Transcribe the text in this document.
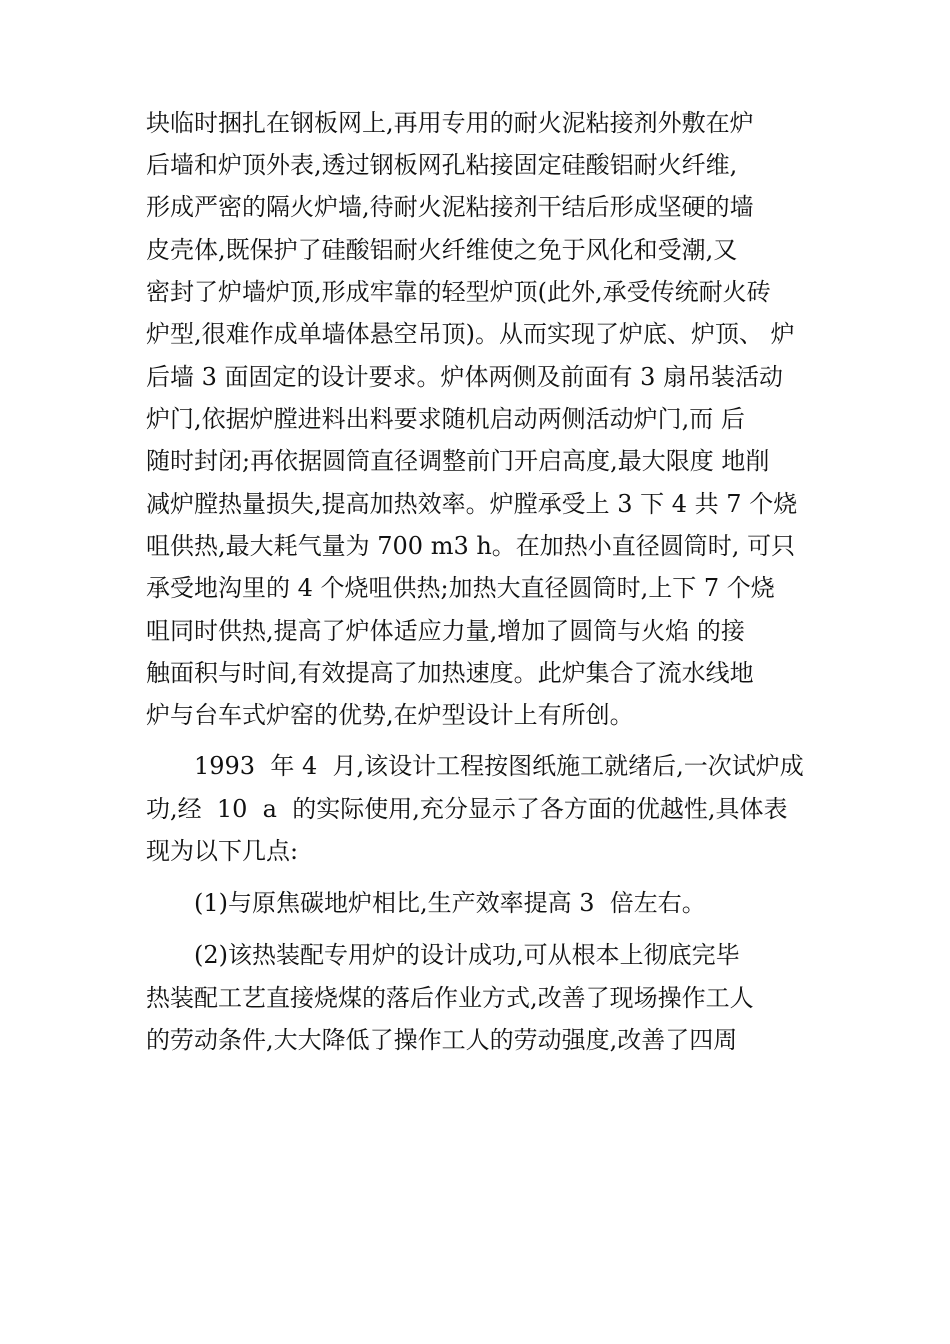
块临时捆扎在钢板网上,再用专用的耐火泥粘接剂外敷在炉
后墙和炉顶外表,透过钢板网孔粘接固定硅酸铝耐火纤维,
形成严密的隔火炉墙,待耐火泥粘接剂干结后形成坚硬的墙
皮壳体,既保护了硅酸铝耐火纤维使之免于风化和受潮,又
密封了炉墙炉顶,形成牢靠的轻型炉顶(此外,承受传统耐火砖
炉型,很难作成单墙体悬空吊顶)。从而实现了炉底、炉顶、 炉
后墙 3 面固定的设计要求。炉体两侧及前面有 3 扇吊装活动
炉门,依据炉膛进料出料要求随机启动两侧活动炉门,而 后
随时封闭;再依据圆筒直径调整前门开启高度,最大限度 地削
减炉膛热量损失,提高加热效率。炉膛承受上 3 下 4 共 7 个烧
咀供热,最大耗气量为 700 m3 h。在加热小直径圆筒时, 可只
承受地沟里的 4 个烧咀供热;加热大直径圆筒时,上下 7 个烧
咀同时供热,提高了炉体适应力量,增加了圆筒与火焰 的接
触面积与时间,有效提高了加热速度。此炉集合了流水线地
炉与台车式炉窑的优势,在炉型设计上有所创。
1993  年 4  月,该设计工程按图纸施工就绪后,一次试炉成
功,经  10  a  的实际使用,充分显示了各方面的优越性,具体表
现为以下几点:
(1)与原焦碳地炉相比,生产效率提高 3  倍左右。
(2)该热装配专用炉的设计成功,可从根本上彻底完毕
热装配工艺直接烧煤的落后作业方式,改善了现场操作工人
的劳动条件,大大降低了操作工人的劳动强度,改善了四周
